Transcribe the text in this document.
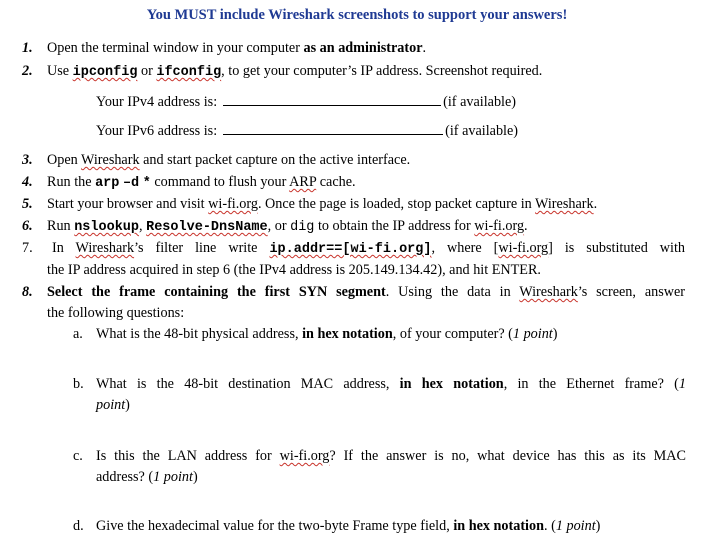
You MUST include Wireshark screenshots to support your answers!
1. Open the terminal window in your computer as an administrator.
2. Use ipconfig or ifconfig, to get your computer’s IP address. Screenshot required.
Your IPv4 address is:	(if available)
Your IPv6 address is:	(if available)
3. Open Wireshark and start packet capture on the active interface.
4. Run the arp –d * command to flush your ARP cache.
5. Start your browser and visit wi-fi.org. Once the page is loaded, stop packet capture in Wireshark.
6. Run nslookup, Resolve-DnsName, or dig to obtain the IP address for wi-fi.org.
7. In Wireshark’s filter line write ip.addr==[wi-fi.org], where [wi-fi.org] is substituted with
the IP address acquired in step 6 (the IPv4 address is 205.149.134.42), and hit ENTER.
8. Select the frame containing the first SYN segment. Using the data in Wireshark’s screen, answer
the following questions:
a. What is the 48-bit physical address, in hex notation, of your computer? (1 point)
b. What is the 48-bit destination MAC address, in hex notation, in the Ethernet frame? (1
point)
c. Is this the LAN address for wi-fi.org? If the answer is no, what device has this as its MAC
address? (1 point)
d. Give the hexadecimal value for the two-byte Frame type field, in hex notation. (1 point)
